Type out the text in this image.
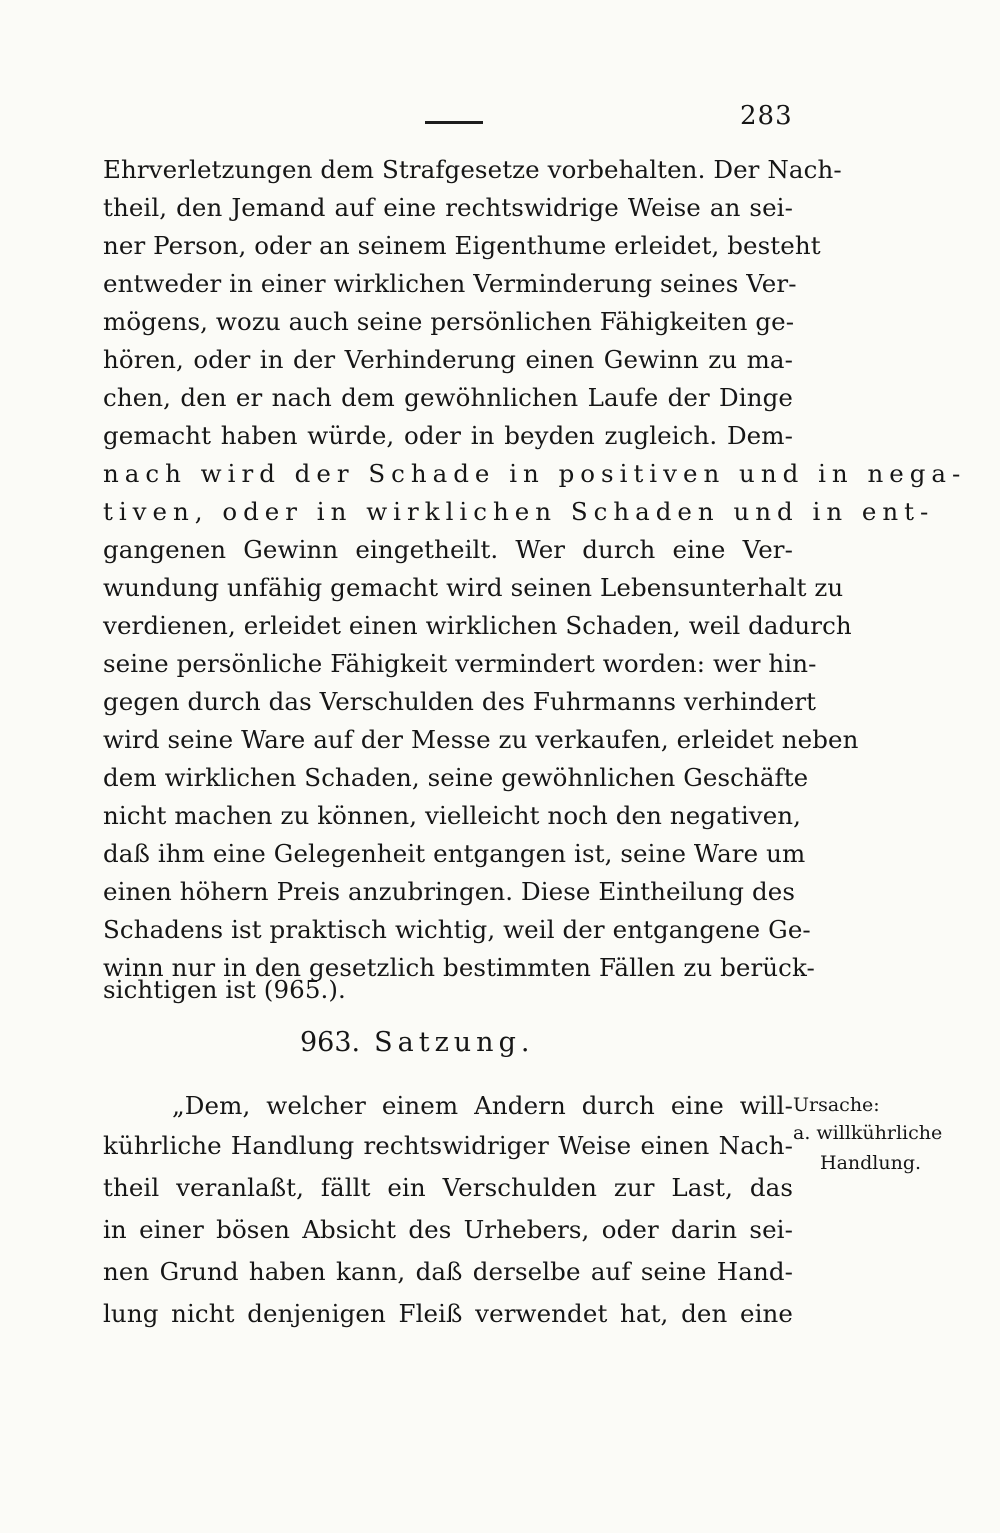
283
Ehrverletzungen dem Strafgesetze vorbehalten. Der Nach-
theil, den Jemand auf eine rechtswidrige Weise an sei-
ner Person, oder an seinem Eigenthume erleidet, besteht
entweder in einer wirklichen Verminderung seines Ver-
mögens, wozu auch seine persönlichen Fähigkeiten ge-
hören, oder in der Verhinderung einen Gewinn zu ma-
chen, den er nach dem gewöhnlichen Laufe der Dinge
gemacht haben würde, oder in beyden zugleich. Dem-
nach wird der Schade in positiven und in nega-
tiven, oder in wirklichen Schaden und in ent-
gangenen Gewinn eingetheilt. Wer durch eine Ver-
wundung unfähig gemacht wird seinen Lebensunterhalt zu
verdienen, erleidet einen wirklichen Schaden, weil dadurch
seine persönliche Fähigkeit vermindert worden: wer hin-
gegen durch das Verschulden des Fuhrmanns verhindert
wird seine Ware auf der Messe zu verkaufen, erleidet neben
dem wirklichen Schaden, seine gewöhnlichen Geschäfte
nicht machen zu können, vielleicht noch den negativen,
daß ihm eine Gelegenheit entgangen ist, seine Ware um
einen höhern Preis anzubringen. Diese Eintheilung des
Schadens ist praktisch wichtig, weil der entgangene Ge-
winn nur in den gesetzlich bestimmten Fällen zu berück-
sichtigen ist (965.).
963. Satzung.
„Dem, welcher einem Andern durch eine will-
kührliche Handlung rechtswidriger Weise einen Nach-
theil veranlaßt, fällt ein Verschulden zur Last, das
in einer bösen Absicht des Urhebers, oder darin sei-
nen Grund haben kann, daß derselbe auf seine Hand-
lung nicht denjenigen Fleiß verwendet hat, den eine
Ursache:
a. willkührliche
Handlung.
